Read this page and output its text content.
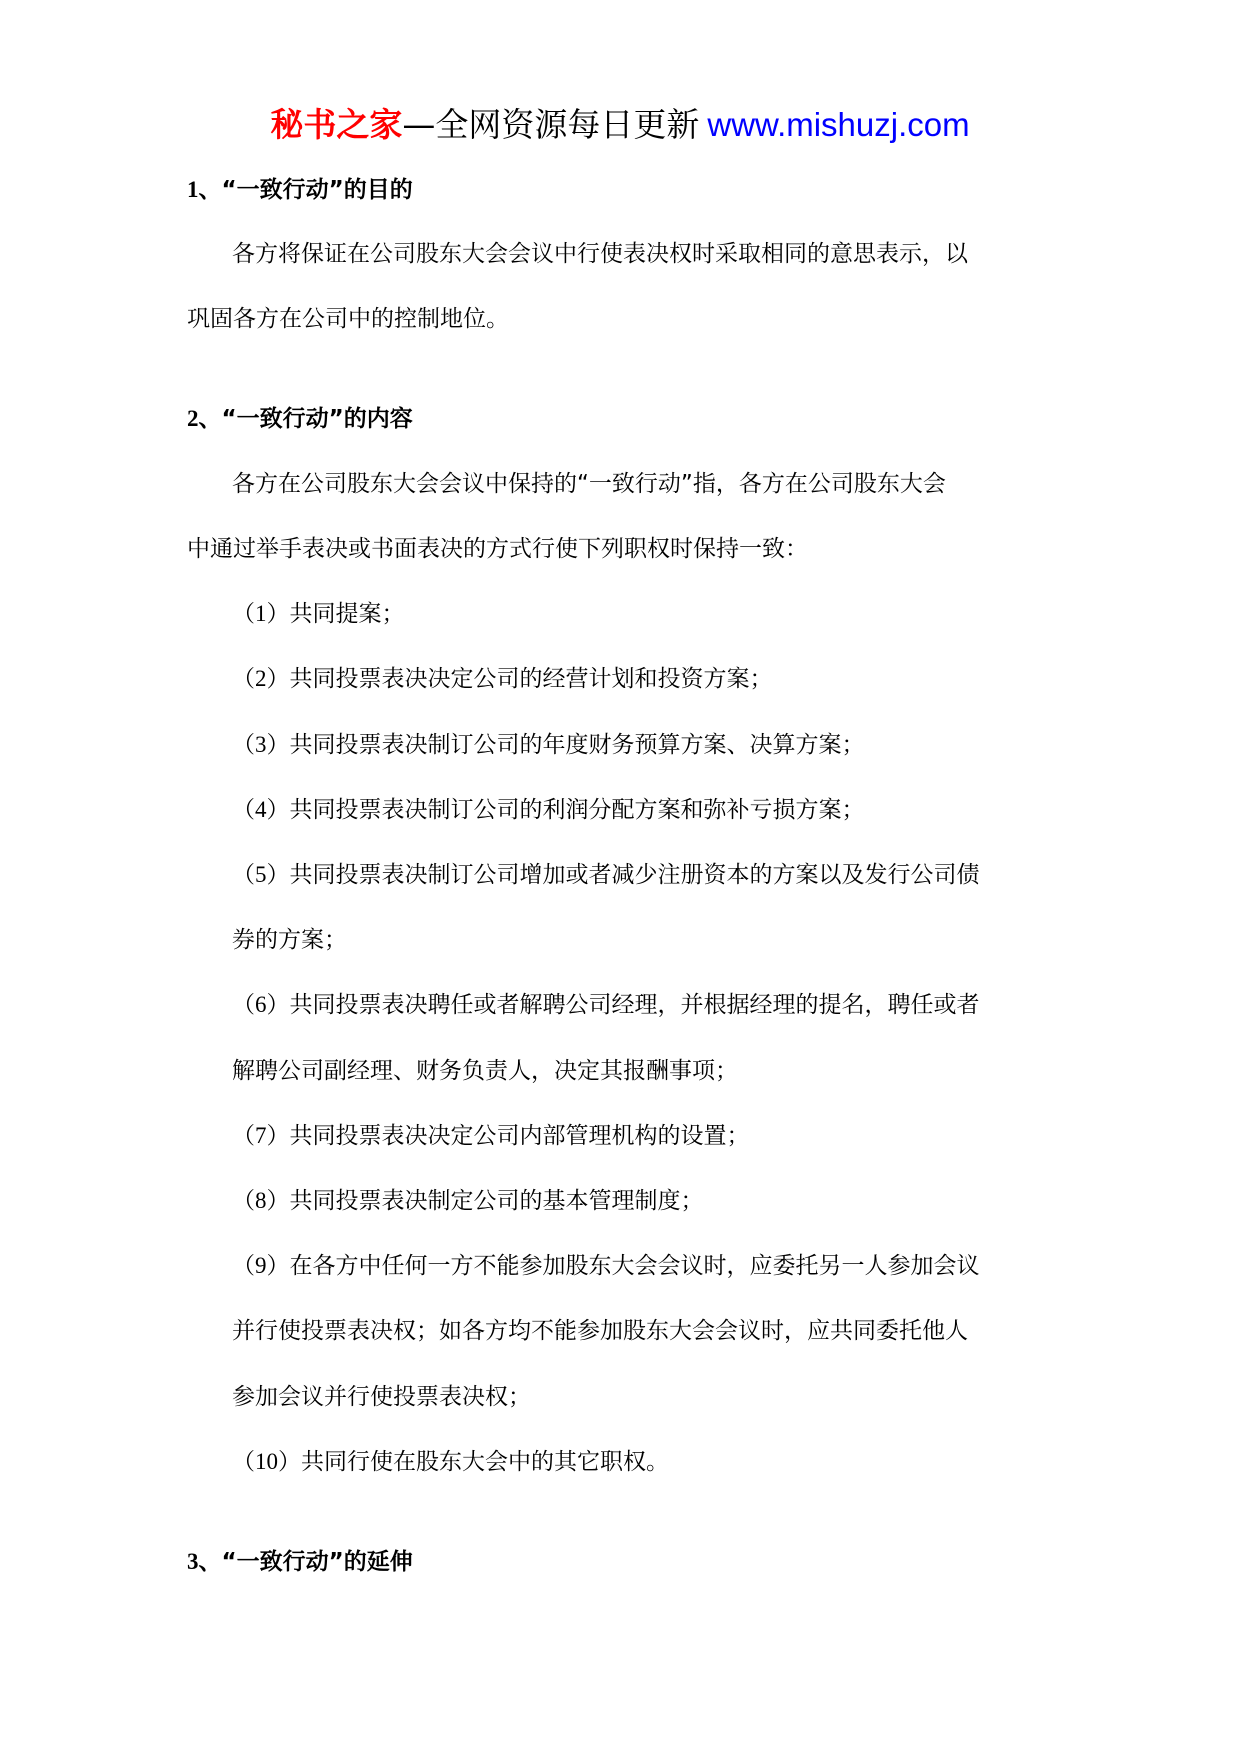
秘书之家—全网资源每日更新 www.mishuzj.com
1、“一致行动”的目的
各方将保证在公司股东大会会议中行使表决权时采取相同的意思表示，以
巩固各方在公司中的控制地位。
2、“一致行动”的内容
各方在公司股东大会会议中保持的“一致行动”指，各方在公司股东大会
中通过举手表决或书面表决的方式行使下列职权时保持一致：
（1）共同提案；
（2）共同投票表决决定公司的经营计划和投资方案；
（3）共同投票表决制订公司的年度财务预算方案、决算方案；
（4）共同投票表决制订公司的利润分配方案和弥补亏损方案；
（5）共同投票表决制订公司增加或者减少注册资本的方案以及发行公司债
券的方案；
（6）共同投票表决聘任或者解聘公司经理，并根据经理的提名，聘任或者
解聘公司副经理、财务负责人，决定其报酬事项；
（7）共同投票表决决定公司内部管理机构的设置；
（8）共同投票表决制定公司的基本管理制度；
（9）在各方中任何一方不能参加股东大会会议时，应委托另一人参加会议
并行使投票表决权；如各方均不能参加股东大会会议时，应共同委托他人
参加会议并行使投票表决权；
（10）共同行使在股东大会中的其它职权。
3、“一致行动”的延伸
